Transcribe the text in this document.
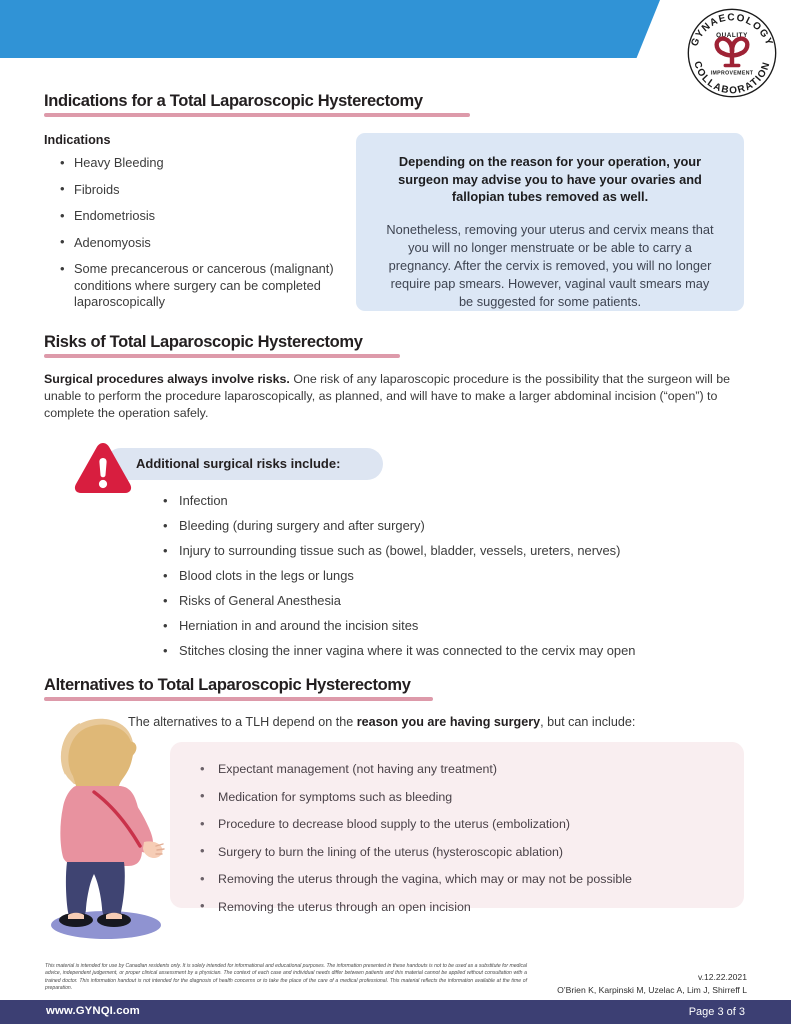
GYNAECOLOGY
COLLABORATION
QUALITY
IMPROVEMENT
Indications for a Total Laparoscopic Hysterectomy
Indications
• Heavy Bleeding
• Fibroids
• Endometriosis
• Adenomyosis
• Some precancerous or cancerous (malignant) conditions where surgery can be completed laparoscopically
Depending on the reason for your operation, your surgeon may advise you to have your ovaries and fallopian tubes removed as well.
Nonetheless, removing your uterus and cervix means that you will no longer menstruate or be able to carry a pregnancy. After the cervix is removed, you will no longer require pap smears. However, vaginal vault smears may be suggested for some patients.
Risks of Total Laparoscopic Hysterectomy
Surgical procedures always involve risks. One risk of any laparoscopic procedure is the possibility that the surgeon will be unable to perform the procedure laparoscopically, as planned, and will have to make a larger abdominal incision (“open”) to complete the operation safely.
Additional surgical risks include:
• Infection
• Bleeding (during surgery and after surgery)
• Injury to surrounding tissue such as (bowel, bladder, vessels, ureters, nerves)
• Blood clots in the legs or lungs
• Risks of General Anesthesia
• Herniation in and around the incision sites
• Stitches closing the inner vagina where it was connected to the cervix may open
Alternatives to Total Laparoscopic Hysterectomy
The alternatives to a TLH depend on the reason you are having surgery, but can include:
• Expectant management (not having any treatment)
• Medication for symptoms such as bleeding
• Procedure to decrease blood supply to the uterus (embolization)
• Surgery to burn the lining of the uterus (hysteroscopic ablation)
• Removing the uterus through the vagina, which may or may not be possible
• Removing the uterus through an open incision
This material is intended for use by Canadian residents only. It is solely intended for informational and educational purposes. The information presented in these handouts is not to be used as a substitute for medical advice, independent judgement, or proper clinical assessment by a physician. The context of each case and individual needs differ between patients and this material cannot be applied without consultation with a trained doctor. This information handout is not intended for the diagnosis of health concerns or to take the place of the care of a medical professional. This material reflects the information available at the time of preparation.
v.12.22.2021
O’Brien K, Karpinski M, Uzelac A, Lim J, Shirreff L
www.GYNQI.com	Page 3 of 3
